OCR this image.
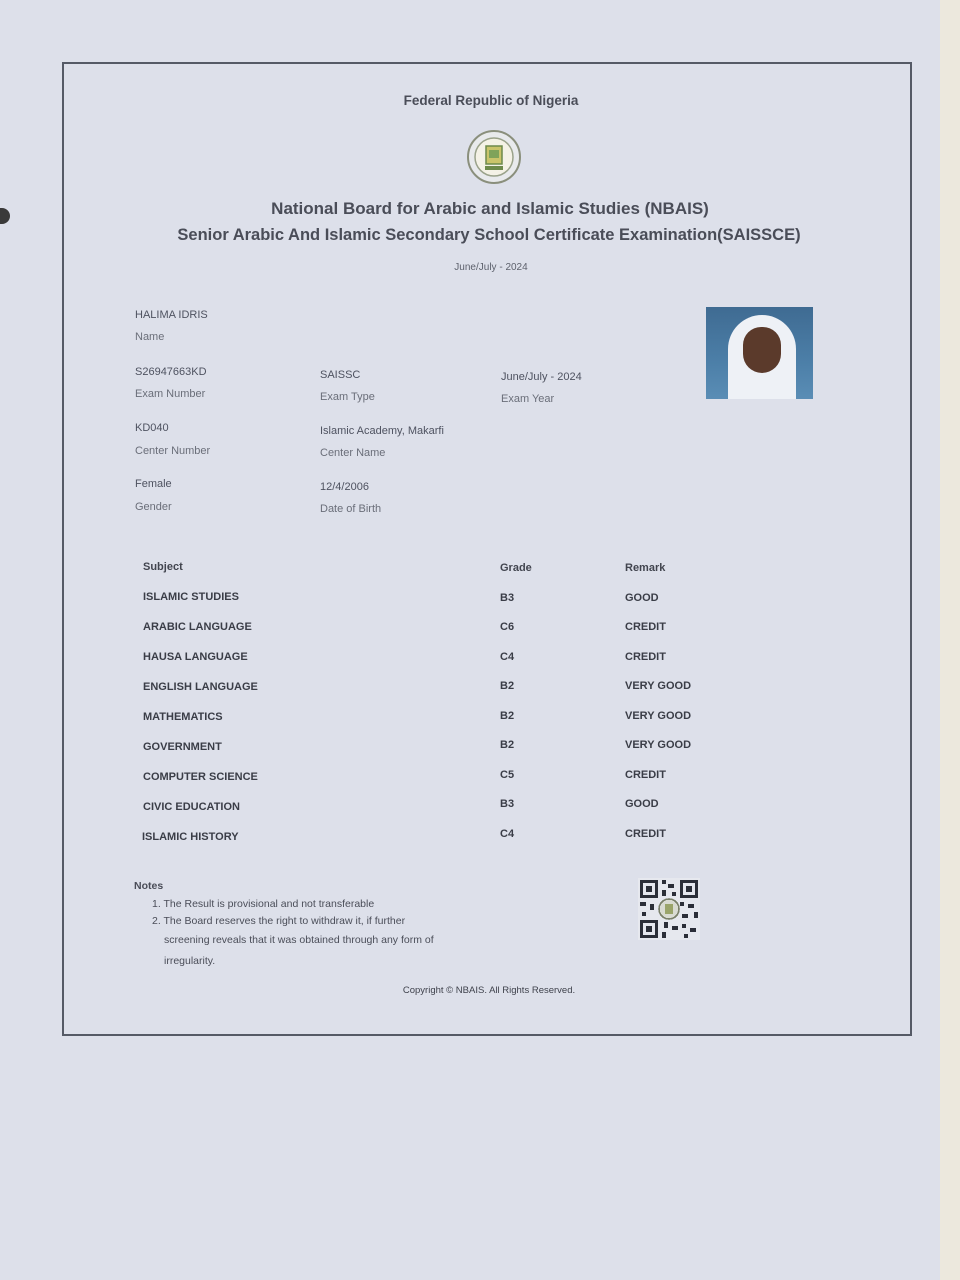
Federal Republic of Nigeria
National Board for Arabic and Islamic Studies (NBAIS)
Senior Arabic And Islamic Secondary School Certificate Examination(SAISSCE)
June/July - 2024
HALIMA IDRIS
Name
S26947663KD
Exam Number
SAISSC
Exam Type
June/July - 2024
Exam Year
KD040
Center Number
Islamic Academy, Makarfi
Center Name
Female
Gender
12/4/2006
Date of Birth
Subject	Grade	Remark
ISLAMIC STUDIES	B3	GOOD
ARABIC LANGUAGE	C6	CREDIT
HAUSA LANGUAGE	C4	CREDIT
ENGLISH LANGUAGE	B2	VERY GOOD
MATHEMATICS	B2	VERY GOOD
GOVERNMENT	B2	VERY GOOD
COMPUTER SCIENCE	C5	CREDIT
CIVIC EDUCATION	B3	GOOD
ISLAMIC HISTORY	C4	CREDIT
Notes
1. The Result is provisional and not transferable
2. The Board reserves the right to withdraw it, if further
screening reveals that it was obtained through any form of
irregularity.
Copyright © NBAIS. All Rights Reserved.
